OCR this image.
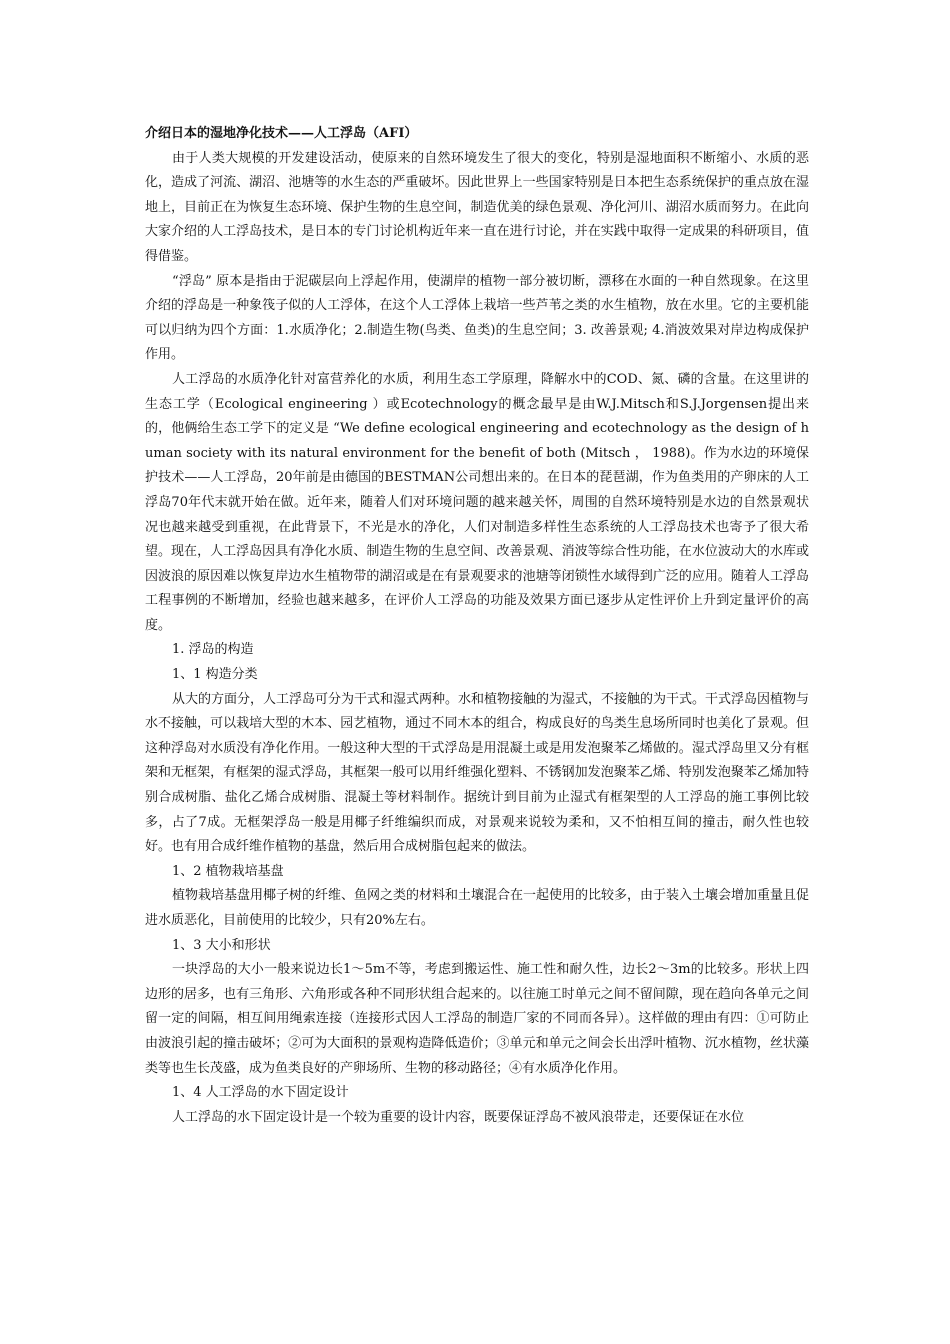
介绍日本的湿地净化技术——人工浮岛（AFI）

由于人类大规模的开发建设活动，使原来的自然环境发生了很大的变化，特别是湿地面积不断缩小、水质的恶化，造成了河流、湖沼、池塘等的水生态的严重破坏。因此世界上一些国家特别是日本把生态系统保护的重点放在湿地上，目前正在为恢复生态环境、保护生物的生息空间，制造优美的绿色景观、净化河川、湖沼水质而努力。在此向大家介绍的人工浮岛技术，是日本的专门讨论机构近年来一直在进行讨论，并在实践中取得一定成果的科研项目，值得借鉴。

“浮岛” 原本是指由于泥碳层向上浮起作用，使湖岸的植物一部分被切断，漂移在水面的一种自然现象。在这里介绍的浮岛是一种象筏子似的人工浮体，在这个人工浮体上栽培一些芦苇之类的水生植物，放在水里。它的主要机能可以归纳为四个方面：1.水质净化；2.制造生物(鸟类、鱼类)的生息空间；3. 改善景观; 4.消波效果对岸边构成保护作用。

人工浮岛的水质净化针对富营养化的水质，利用生态工学原理，降解水中的COD、氮、磷的含量。在这里讲的生态工学（Ecological engineering ）或Ecotechnology的概念最早是由W.J.Mitsch和S.J.Jorgensen提出来的，他俩给生态工学下的定义是 “We define ecological engineering and ecotechnology as the design of human society with its natural environment for the benefit of both (Mitsch ， 1988)。作为水边的环境保护技术——人工浮岛，20年前是由德国的BESTMAN公司想出来的。在日本的琵琶湖，作为鱼类用的产卵床的人工浮岛70年代末就开始在做。近年来，随着人们对环境问题的越来越关怀，周围的自然环境特别是水边的自然景观状况也越来越受到重视，在此背景下，不光是水的净化，人们对制造多样性生态系统的人工浮岛技术也寄予了很大希望。现在，人工浮岛因具有净化水质、制造生物的生息空间、改善景观、消波等综合性功能，在水位波动大的水库或因波浪的原因难以恢复岸边水生植物带的湖沼或是在有景观要求的池塘等闭锁性水域得到广泛的应用。随着人工浮岛工程事例的不断增加，经验也越来越多，在评价人工浮岛的功能及效果方面已逐步从定性评价上升到定量评价的高度。

1. 浮岛的构造

1、1 构造分类

从大的方面分，人工浮岛可分为干式和湿式两种。水和植物接触的为湿式，不接触的为干式。干式浮岛因植物与水不接触，可以栽培大型的木本、园艺植物，通过不同木本的组合，构成良好的鸟类生息场所同时也美化了景观。但这种浮岛对水质没有净化作用。一般这种大型的干式浮岛是用混凝土或是用发泡聚苯乙烯做的。湿式浮岛里又分有框架和无框架，有框架的湿式浮岛，其框架一般可以用纤维强化塑料、不锈钢加发泡聚苯乙烯、特别发泡聚苯乙烯加特别合成树脂、盐化乙烯合成树脂、混凝土等材料制作。据统计到目前为止湿式有框架型的人工浮岛的施工事例比较多，占了7成。无框架浮岛一般是用椰子纤维编织而成，对景观来说较为柔和，又不怕相互间的撞击，耐久性也较好。也有用合成纤维作植物的基盘，然后用合成树脂包起来的做法。

1、2 植物栽培基盘

植物栽培基盘用椰子树的纤维、鱼网之类的材料和土壤混合在一起使用的比较多，由于装入土壤会增加重量且促进水质恶化，目前使用的比较少，只有20%左右。

1、3 大小和形状

一块浮岛的大小一般来说边长1～5m不等，考虑到搬运性、施工性和耐久性，边长2～3m的比较多。形状上四边形的居多，也有三角形、六角形或各种不同形状组合起来的。以往施工时单元之间不留间隙，现在趋向各单元之间留一定的间隔，相互间用绳索连接（连接形式因人工浮岛的制造厂家的不同而各异）。这样做的理由有四：①可防止由波浪引起的撞击破坏；②可为大面积的景观构造降低造价；③单元和单元之间会长出浮叶植物、沉水植物，丝状藻类等也生长茂盛，成为鱼类良好的产卵场所、生物的移动路径；④有水质净化作用。

1、4 人工浮岛的水下固定设计

人工浮岛的水下固定设计是一个较为重要的设计内容，既要保证浮岛不被风浪带走，还要保证在水位
